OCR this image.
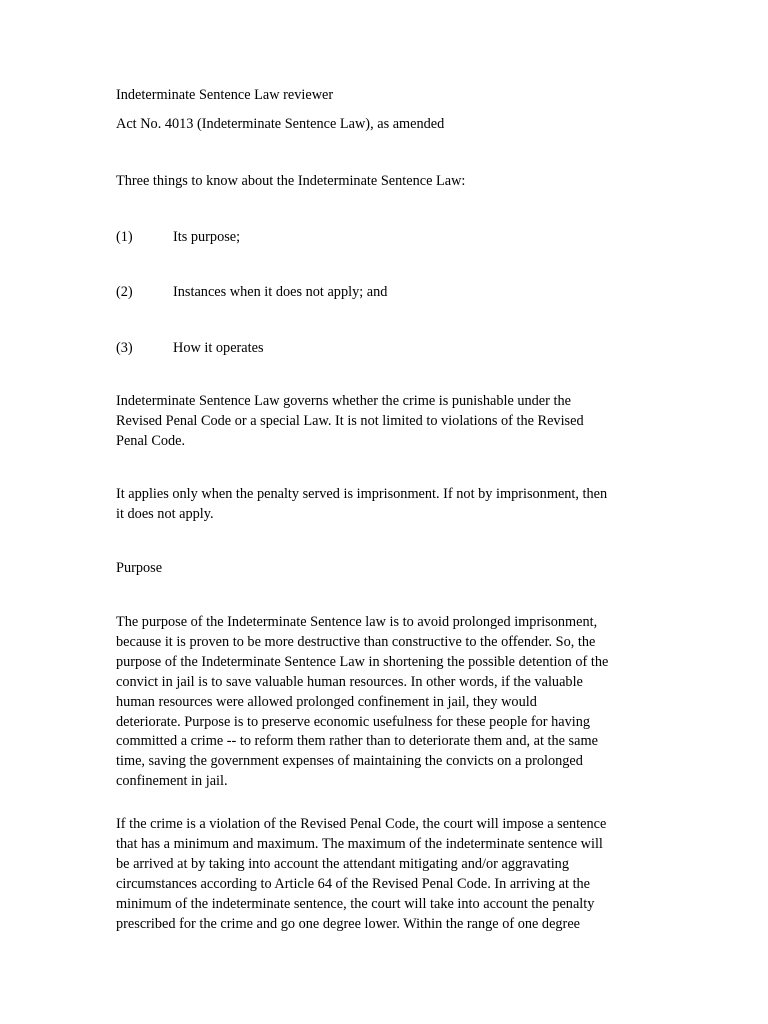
Indeterminate Sentence Law reviewer

Act No. 4013 (Indeterminate Sentence Law), as amended

Three things to know about the Indeterminate Sentence Law:

(1)	Its purpose;
(2)	Instances when it does not apply; and
(3)	How it operates

Indeterminate Sentence Law governs whether the crime is punishable under the
Revised Penal Code or a special Law. It is not limited to violations of the Revised
Penal Code.

It applies only when the penalty served is imprisonment. If not by imprisonment, then
it does not apply.

Purpose

The purpose of the Indeterminate Sentence law is to avoid prolonged imprisonment,
because it is proven to be more destructive than constructive to the offender. So, the
purpose of the Indeterminate Sentence Law in shortening the possible detention of the
convict in jail is to save valuable human resources. In other words, if the valuable
human resources were allowed prolonged confinement in jail, they would
deteriorate. Purpose is to preserve economic usefulness for these people for having
committed a crime -- to reform them rather than to deteriorate them and, at the same
time, saving the government expenses of maintaining the convicts on a prolonged
confinement in jail.

If the crime is a violation of the Revised Penal Code, the court will impose a sentence
that has a minimum and maximum. The maximum of the indeterminate sentence will
be arrived at by taking into account the attendant mitigating and/or aggravating
circumstances according to Article 64 of the Revised Penal Code. In arriving at the
minimum of the indeterminate sentence, the court will take into account the penalty
prescribed for the crime and go one degree lower. Within the range of one degree
